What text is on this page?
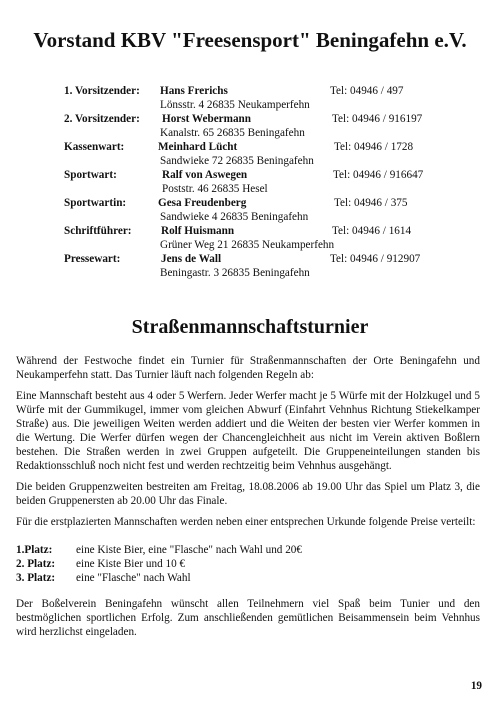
Vorstand KBV "Freesensport" Beningafehn e.V.
1. Vorsitzender: Hans Frerichs	Tel: 04946 / 497
Lönsstr. 4 26835 Neukamperfehn
2. Vorsitzender: Horst Webermann	Tel: 04946 / 916197
Kanalstr. 65 26835 Beningafehn
Kassenwart:	Meinhard Lücht	Tel: 04946 / 1728
Sandwieke 72 26835 Beningafehn
Sportwart:	Ralf von Aswegen	Tel: 04946 / 916647
Poststr. 46 26835 Hesel
Sportwartin:	Gesa Freudenberg	Tel: 04946 / 375
Sandwieke 4 26835 Beningafehn
Schriftführer:	Rolf Huismann	Tel: 04946 / 1614
Grüner Weg 21 26835 Neukamperfehn
Pressewart:	Jens de Wall	Tel: 04946 / 912907
Beningastr. 3 26835 Beningafehn
Straßenmannschaftsturnier

Während der Festwoche findet ein Turnier für Straßenmannschaften der Orte Beningafehn und Neukamperfehn statt. Das Turnier läuft nach folgenden Regeln ab:

Eine Mannschaft besteht aus 4 oder 5 Werfern. Jeder Werfer macht je 5 Würfe mit der Holzkugel und 5 Würfe mit der Gummikugel, immer vom gleichen Abwurf (Einfahrt Vehnhus Richtung Stiekelkamper Straße) aus. Die jeweiligen Weiten werden addiert und die Weiten der besten vier Werfer kommen in die Wertung. Die Werfer dürfen wegen der Chancengleichheit aus nicht im Verein aktiven Boßlern bestehen. Die Straßen werden in zwei Gruppen aufgeteilt. Die Gruppeneinteilungen standen bis Redaktionsschluß noch nicht fest und werden rechtzeitig beim Vehnhus ausgehängt.

Die beiden Gruppenzweiten bestreiten am Freitag, 18.08.2006 ab 19.00 Uhr das Spiel um Platz 3, die beiden Gruppenersten ab 20.00 Uhr das Finale.

Für die erstplazierten Mannschaften werden neben einer entsprechen Urkunde folgende Preise verteilt:

1.Platz:	eine Kiste Bier, eine "Flasche" nach Wahl und 20€
2. Platz:	eine Kiste Bier und 10 €
3. Platz:	eine "Flasche" nach Wahl

Der Boßelverein Beningafehn wünscht allen Teilnehmern viel Spaß beim Tunier und den bestmöglichen sportlichen Erfolg. Zum anschließenden gemütlichen Beisammensein beim Vehnhus wird herzlichst eingeladen.

19
